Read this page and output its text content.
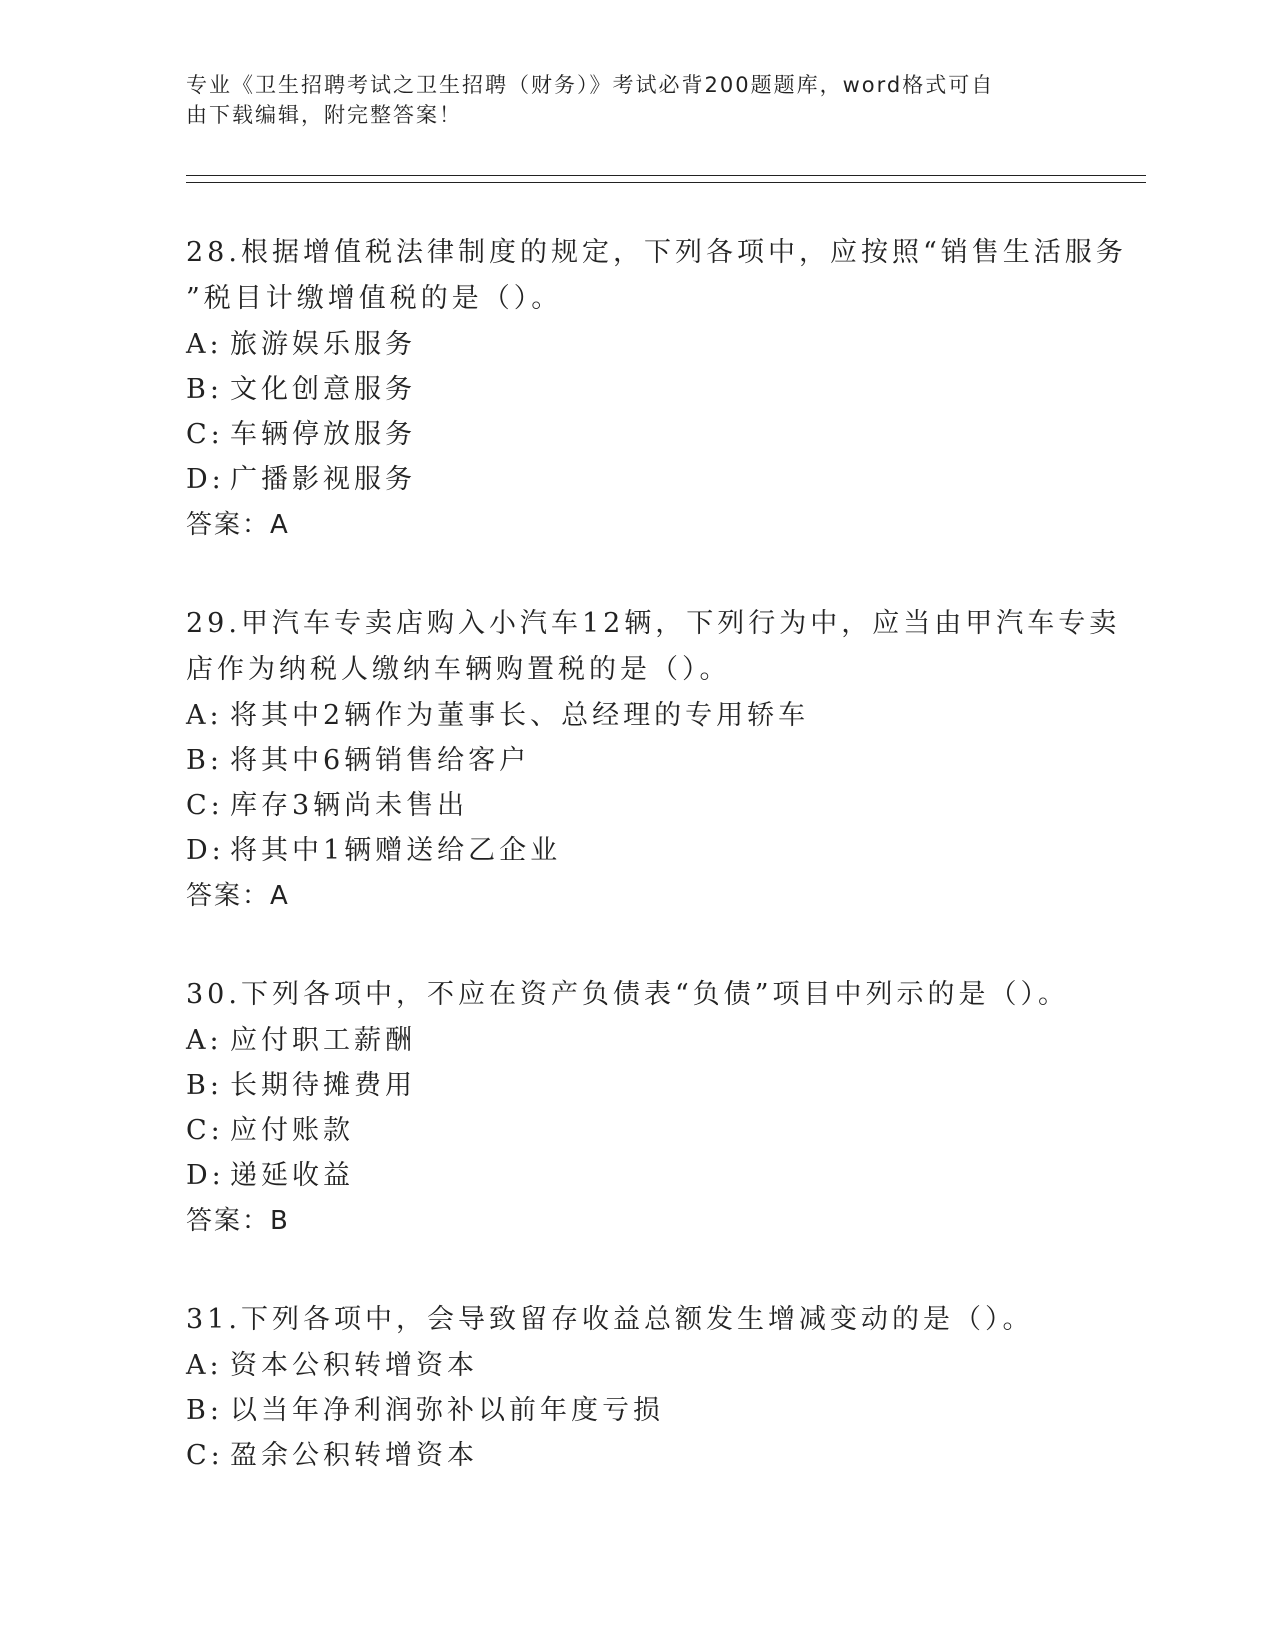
专业《卫生招聘考试之卫生招聘（财务）》考试必背200题题库，word格式可自
由下载编辑，附完整答案！
28.根据增值税法律制度的规定，下列各项中，应按照“销售生活服务
”税目计缴增值税的是（）。
A: 旅游娱乐服务
B: 文化创意服务
C: 车辆停放服务
D: 广播影视服务
答案：A
29.甲汽车专卖店购入小汽车12辆，下列行为中，应当由甲汽车专卖
店作为纳税人缴纳车辆购置税的是（）。
A: 将其中2辆作为董事长、总经理的专用轿车
B: 将其中6辆销售给客户
C: 库存3辆尚未售出
D: 将其中1辆赠送给乙企业
答案：A
30.下列各项中，不应在资产负债表“负债”项目中列示的是（）。
A: 应付职工薪酬
B: 长期待摊费用
C: 应付账款
D: 递延收益
答案：B
31.下列各项中，会导致留存收益总额发生增减变动的是（）。
A: 资本公积转增资本
B: 以当年净利润弥补以前年度亏损
C: 盈余公积转增资本
